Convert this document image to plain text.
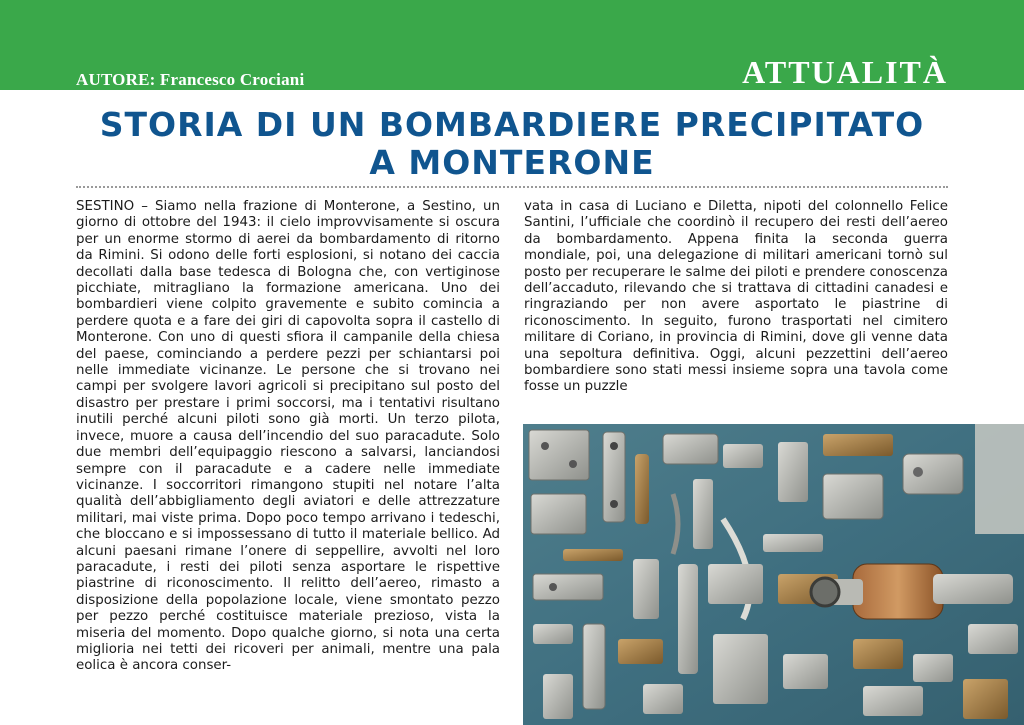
AUTORE: Francesco Crociani	ATTUALITÀ
STORIA DI UN BOMBARDIERE PRECIPITATO
A MONTERONE
SESTINO – Siamo nella frazione di Monterone, a Sestino, un giorno di ottobre del 1943: il cielo improvvisamente si oscura per un enorme stormo di aerei da bombardamento di ritorno da Rimini. Si odono delle forti esplosioni, si notano dei caccia decollati dalla base tedesca di Bologna che, con vertiginose picchiate, mitragliano la formazione americana. Uno dei bombardieri viene colpito gravemente e subito comincia a perdere quota e a fare dei giri di capovolta sopra il castello di Monterone. Con uno di questi sfiora il campanile della chiesa del paese, cominciando a perdere pezzi per schiantarsi poi nelle immediate vicinanze. Le persone che si trovano nei campi per svolgere lavori agricoli si precipitano sul posto del disastro per prestare i primi soccorsi, ma i tentativi risultano inutili perché alcuni piloti sono già morti. Un terzo pilota, invece, muore a causa dell’incendio del suo paracadute. Solo due membri dell’equipaggio riescono a salvarsi, lanciandosi sempre con il paracadute e a cadere nelle immediate vicinanze. I soccorritori rimangono stupiti nel notare l’alta qualità dell’abbigliamento degli aviatori e delle attrezzature militari, mai viste prima. Dopo poco tempo arrivano i tedeschi, che bloccano e si impossessano di tutto il materiale bellico. Ad alcuni paesani rimane l’onere di seppellire, avvolti nel loro paracadute, i resti dei piloti senza asportare le rispettive piastrine di riconoscimento. Il relitto dell’aereo, rimasto a disposizione della popolazione locale, viene smontato pezzo per pezzo perché costituisce materiale prezioso, vista la miseria del momento. Dopo qualche giorno, si nota una certa miglioria nei tetti dei ricoveri per animali, mentre una pala eolica è ancora conser-
vata in casa di Luciano e Diletta, nipoti del colonnello Felice Santini, l’ufficiale che coordinò il recupero dei resti dell’aereo da bombardamento. Appena finita la seconda guerra mondiale, poi, una delegazione di militari americani tornò sul posto per recuperare le salme dei piloti e prendere conoscenza dell’accaduto, rilevando che si trattava di cittadini canadesi e ringraziando per non avere asportato le piastrine di riconoscimento. In seguito, furono trasportati nel cimitero militare di Coriano, in provincia di Rimini, dove gli venne data una sepoltura definitiva. Oggi, alcuni pezzettini dell’aereo bombardiere sono stati messi insieme sopra una tavola come fosse un puzzle
